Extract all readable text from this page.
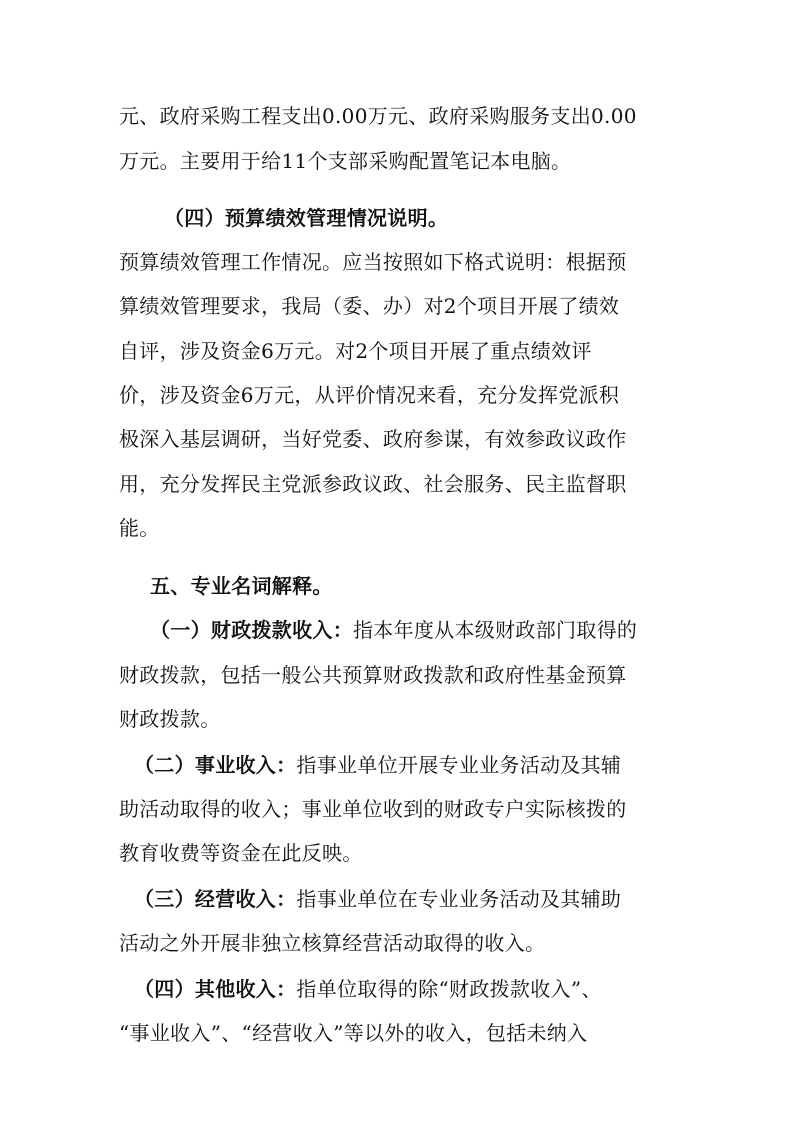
元、政府采购工程支出0.00万元、政府采购服务支出0.00
万元。主要用于给11个支部采购配置笔记本电脑。
（四）预算绩效管理情况说明。
预算绩效管理工作情况。应当按照如下格式说明：根据预
算绩效管理要求，我局（委、办）对2个项目开展了绩效
自评，涉及资金6万元。对2个项目开展了重点绩效评
价，涉及资金6万元，从评价情况来看，充分发挥党派积
极深入基层调研，当好党委、政府参谋，有效参政议政作
用，充分发挥民主党派参政议政、社会服务、民主监督职
能。
五、专业名词解释。
（一）财政拨款收入：指本年度从本级财政部门取得的
财政拨款，包括一般公共预算财政拨款和政府性基金预算
财政拨款。
（二）事业收入：指事业单位开展专业业务活动及其辅
助活动取得的收入；事业单位收到的财政专户实际核拨的
教育收费等资金在此反映。
（三）经营收入：指事业单位在专业业务活动及其辅助
活动之外开展非独立核算经营活动取得的收入。
（四）其他收入：指单位取得的除“财政拨款收入”、
“事业收入”、“经营收入”等以外的收入，包括未纳入
